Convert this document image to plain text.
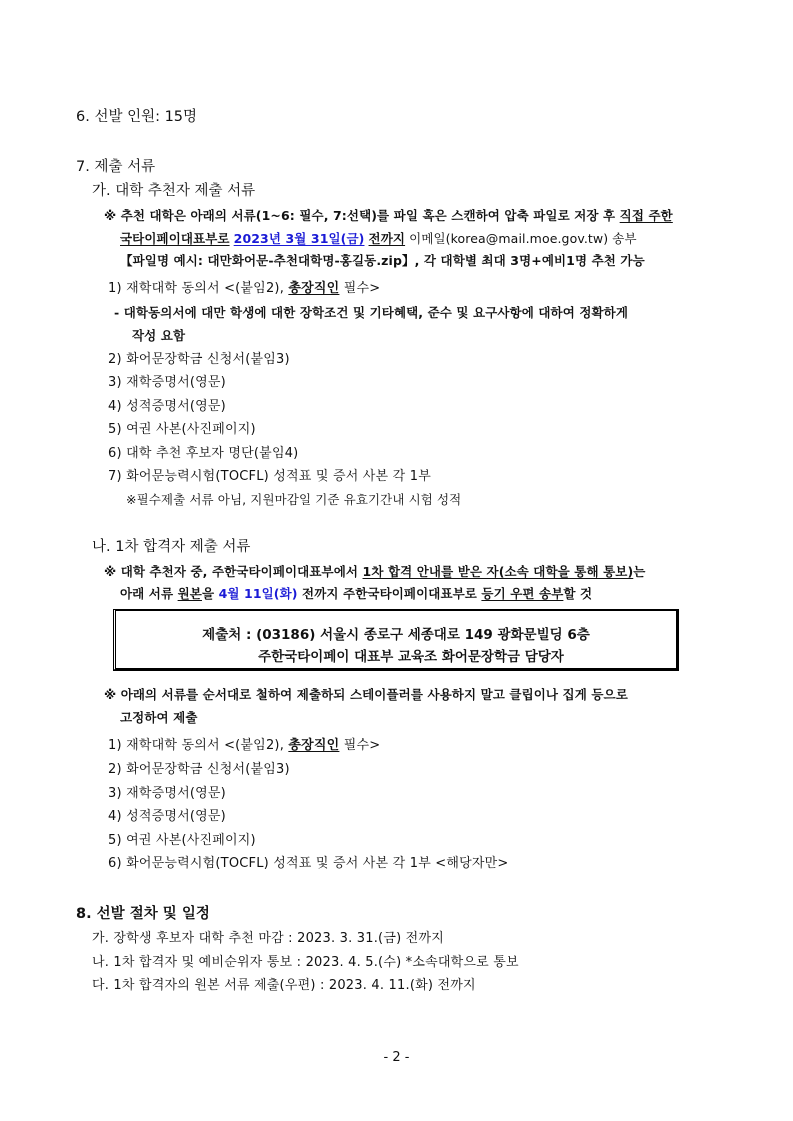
6. 선발 인원: 15명
7. 제출 서류
가. 대학 추천자 제출 서류
※ 추천 대학은 아래의 서류(1~6: 필수, 7:선택)를 파일 혹은 스캔하여 압축 파일로 저장 후 직접 주한
국타이페이대표부로 2023년 3월 31일(금) 전까지 이메일(korea@mail.moe.gov.tw) 송부
【파일명 예시: 대만화어문-추천대학명-홍길동.zip】, 각 대학별 최대 3명+예비1명 추천 가능
1) 재학대학 동의서 <(붙임2), 총장직인 필수>
- 대학동의서에 대만 학생에 대한 장학조건 및 기타혜택, 준수 및 요구사항에 대하여 정확하게
작성 요함
2) 화어문장학금 신청서(붙임3)
3) 재학증명서(영문)
4) 성적증명서(영문)
5) 여권 사본(사진페이지)
6) 대학 추천 후보자 명단(붙임4)
7) 화어문능력시험(TOCFL) 성적표 및 증서 사본 각 1부
※필수제출 서류 아님, 지원마감일 기준 유효기간내 시험 성적
나. 1차 합격자 제출 서류
※ 대학 추천자 중, 주한국타이페이대표부에서 1차 합격 안내를 받은 자(소속 대학을 통해 통보)는
아래 서류 원본을 4월 11일(화) 전까지 주한국타이페이대표부로 등기 우편 송부할 것
제출처 : (03186) 서울시 종로구 세종대로 149 광화문빌딩 6층
주한국타이페이 대표부 교육조 화어문장학금 담당자
※ 아래의 서류를 순서대로 철하여 제출하되 스테이플러를 사용하지 말고 클립이나 집게 등으로
고정하여 제출
1) 재학대학 동의서 <(붙임2), 총장직인 필수>
2) 화어문장학금 신청서(붙임3)
3) 재학증명서(영문)
4) 성적증명서(영문)
5) 여권 사본(사진페이지)
6) 화어문능력시험(TOCFL) 성적표 및 증서 사본 각 1부 <해당자만>
8. 선발 절차 및 일정
가. 장학생 후보자 대학 추천 마감 : 2023. 3. 31.(금) 전까지
나. 1차 합격자 및 예비순위자 통보 : 2023. 4. 5.(수) *소속대학으로 통보
다. 1차 합격자의 원본 서류 제출(우편) : 2023. 4. 11.(화) 전까지
- 2 -
